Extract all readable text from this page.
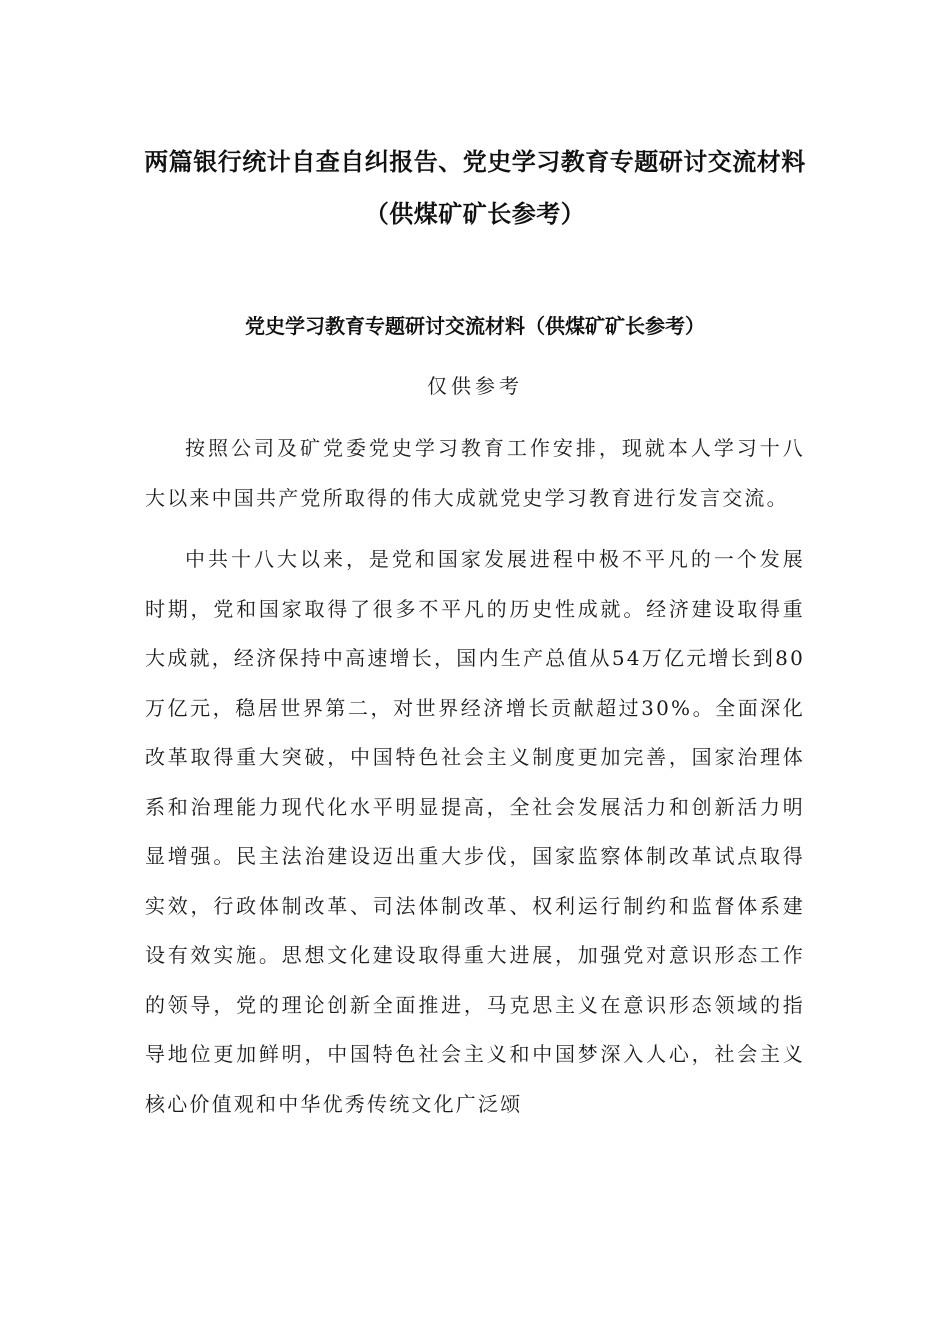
两篇银行统计自查自纠报告、党史学习教育专题研讨交流材料（供煤矿矿长参考）
党史学习教育专题研讨交流材料（供煤矿矿长参考）
仅供参考

按照公司及矿党委党史学习教育工作安排，现就本人学习十八大以来中国共产党所取得的伟大成就党史学习教育进行发言交流。

中共十八大以来，是党和国家发展进程中极不平凡的一个发展时期，党和国家取得了很多不平凡的历史性成就。经济建设取得重大成就，经济保持中高速增长，国内生产总值从54万亿元增长到80万亿元，稳居世界第二，对世界经济增长贡献超过30%。全面深化改革取得重大突破，中国特色社会主义制度更加完善，国家治理体系和治理能力现代化水平明显提高，全社会发展活力和创新活力明显增强。民主法治建设迈出重大步伐，国家监察体制改革试点取得实效，行政体制改革、司法体制改革、权利运行制约和监督体系建设有效实施。思想文化建设取得重大进展，加强党对意识形态工作的领导，党的理论创新全面推进，马克思主义在意识形态领域的指导地位更加鲜明，中国特色社会主义和中国梦深入人心，社会主义核心价值观和中华优秀传统文化广泛颂
